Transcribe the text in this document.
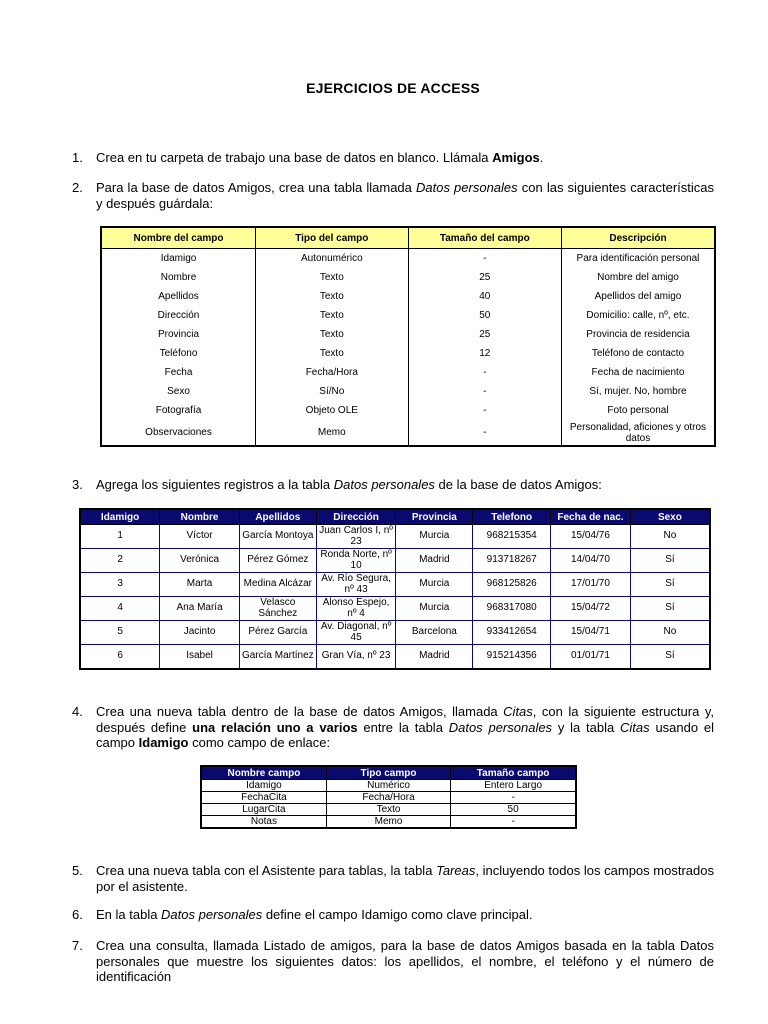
EJERCICIOS DE ACCESS
1. Crea en tu carpeta de trabajo una base de datos en blanco. Llámala Amigos.
2. Para la base de datos Amigos, crea una tabla llamada Datos personales con las siguientes características y después guárdala:
Nombre del campo	Tipo del campo	Tamaño del campo	Descripción
Idamigo	Autonumérico	-	Para identificación personal
Nombre	Texto	25	Nombre del amigo
Apellidos	Texto	40	Apellidos del amigo
Dirección	Texto	50	Domicilio: calle, nº, etc.
Provincia	Texto	25	Provincia de residencia
Teléfono	Texto	12	Teléfono de contacto
Fecha	Fecha/Hora	-	Fecha de nacimiento
Sexo	Sí/No	-	Sí, mujer. No, hombre
Fotografía	Objeto OLE	-	Foto personal
Observaciones	Memo	-	Personalidad, aficiones y otros datos
3. Agrega los siguientes registros a la tabla Datos personales de la base de datos Amigos:
Idamigo	Nombre	Apellidos	Dirección	Provincia	Telefono	Fecha de nac.	Sexo
1	Víctor	García Montoya	Juan Carlos I, nº 23	Murcia	968215354	15/04/76	No
2	Verónica	Pérez Gómez	Ronda Norte, nº 10	Madrid	913718267	14/04/70	Sí
3	Marta	Medina Alcázar	Av. Río Segura, nº 43	Murcia	968125826	17/01/70	Sí
4	Ana María	Velasco Sánchez	Alonso Espejo, nº 4	Murcia	968317080	15/04/72	Sí
5	Jacinto	Pérez García	Av. Diagonal, nº 45	Barcelona	933412654	15/04/71	No
6	Isabel	García Martínez	Gran Vía, nº 23	Madrid	915214356	01/01/71	Sí
4. Crea una nueva tabla dentro de la base de datos Amigos, llamada Citas, con la siguiente estructura y, después define una relación uno a varios entre la tabla Datos personales y la tabla Citas usando el campo Idamigo como campo de enlace:
Nombre campo	Tipo campo	Tamaño campo
Idamigo	Numérico	Entero Largo
FechaCita	Fecha/Hora	-
LugarCita	Texto	50
Notas	Memo	-
5. Crea una nueva tabla con el Asistente para tablas, la tabla Tareas, incluyendo todos los campos mostrados por el asistente.
6. En la tabla Datos personales define el campo Idamigo como clave principal.
7. Crea una consulta, llamada Listado de amigos, para la base de datos Amigos basada en la tabla Datos personales que muestre los siguientes datos: los apellidos, el nombre, el teléfono y el número de identificación
